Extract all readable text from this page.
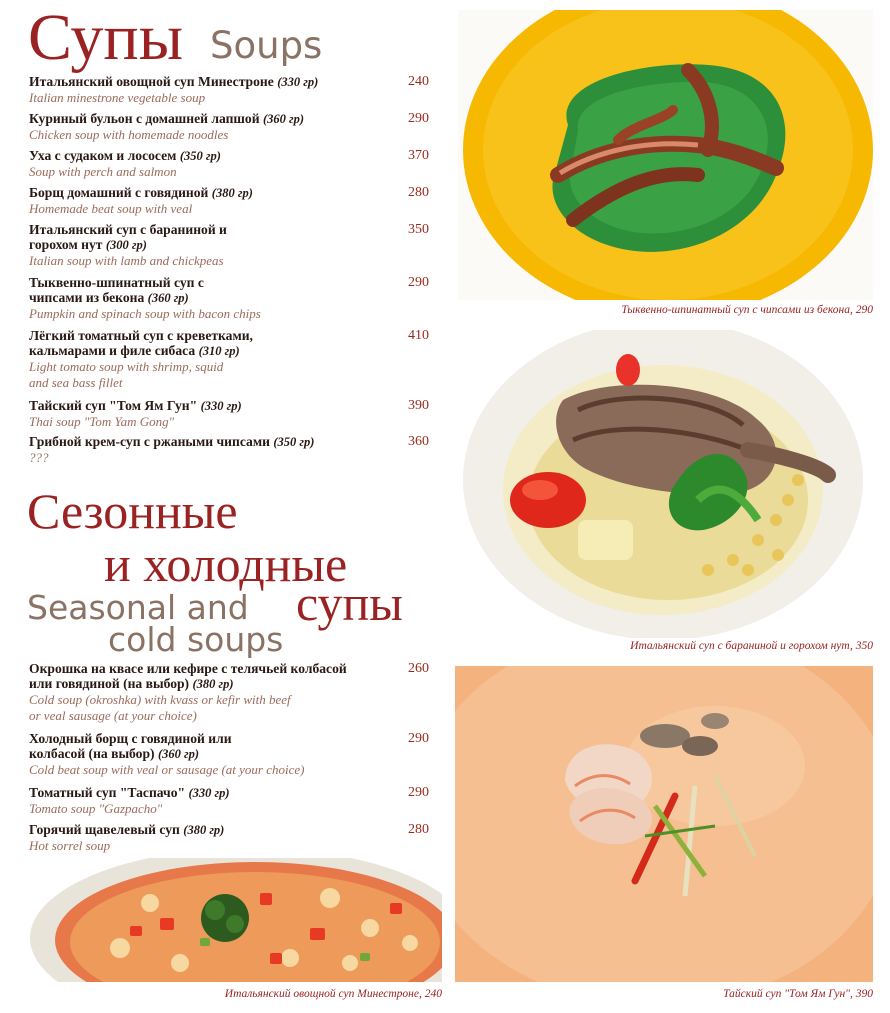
Супы Soups
Итальянский овощной суп Минестроне (330 гр)
Italian minestrone vegetable soup
240
Куриный бульон с домашней лапшой (360 гр)
Chicken soup with homemade noodles
290
Уха с судаком и лососем (350 гр)
Soup with perch and salmon
370
Борщ домашний с говядиной (380 гр)
Homemade beat soup with veal
280
Итальянский суп с бараниной и горохом нут (300 гр)
Italian soup with lamb and chickpeas
350
Тыквенно-шпинатный суп с чипсами из бекона (360 гр)
Pumpkin and spinach soup with bacon chips
290
Лёгкий томатный суп с креветками, кальмарами и филе сибаса (310 гр)
Light tomato soup with shrimp, squid and sea bass fillet
410
Тайский суп "Том Ям Гун" (330 гр)
Thai soup "Tom Yam Gong"
390
Грибной крем-суп с ржаными чипсами (350 гр)
???
360
Сезонные
и холодные
супы
Seasonal and
cold soups
Окрошка на квасе или кефире с телячьей колбасой или говядиной (на выбор) (380 гр)
Cold soup (okroshka) with kvass or kefir with beef or veal sausage (at your choice)
260
Холодный борщ с говядиной или колбасой (на выбор) (360 гр)
Cold beat soup with veal or sausage (at your choice)
290
Томатный суп "Таспачо" (330 гр)
Tomato soup "Gazpacho"
290
Горячий щавелевый суп (380 гр)
Hot sorrel soup
280
Тыквенно-шпинатный суп с чипсами из бекона, 290
Итальянский суп с бараниной и горохом нут, 350
Тайский суп "Том Ям Гун", 390
Итальянский овощной суп Минестроне, 240
